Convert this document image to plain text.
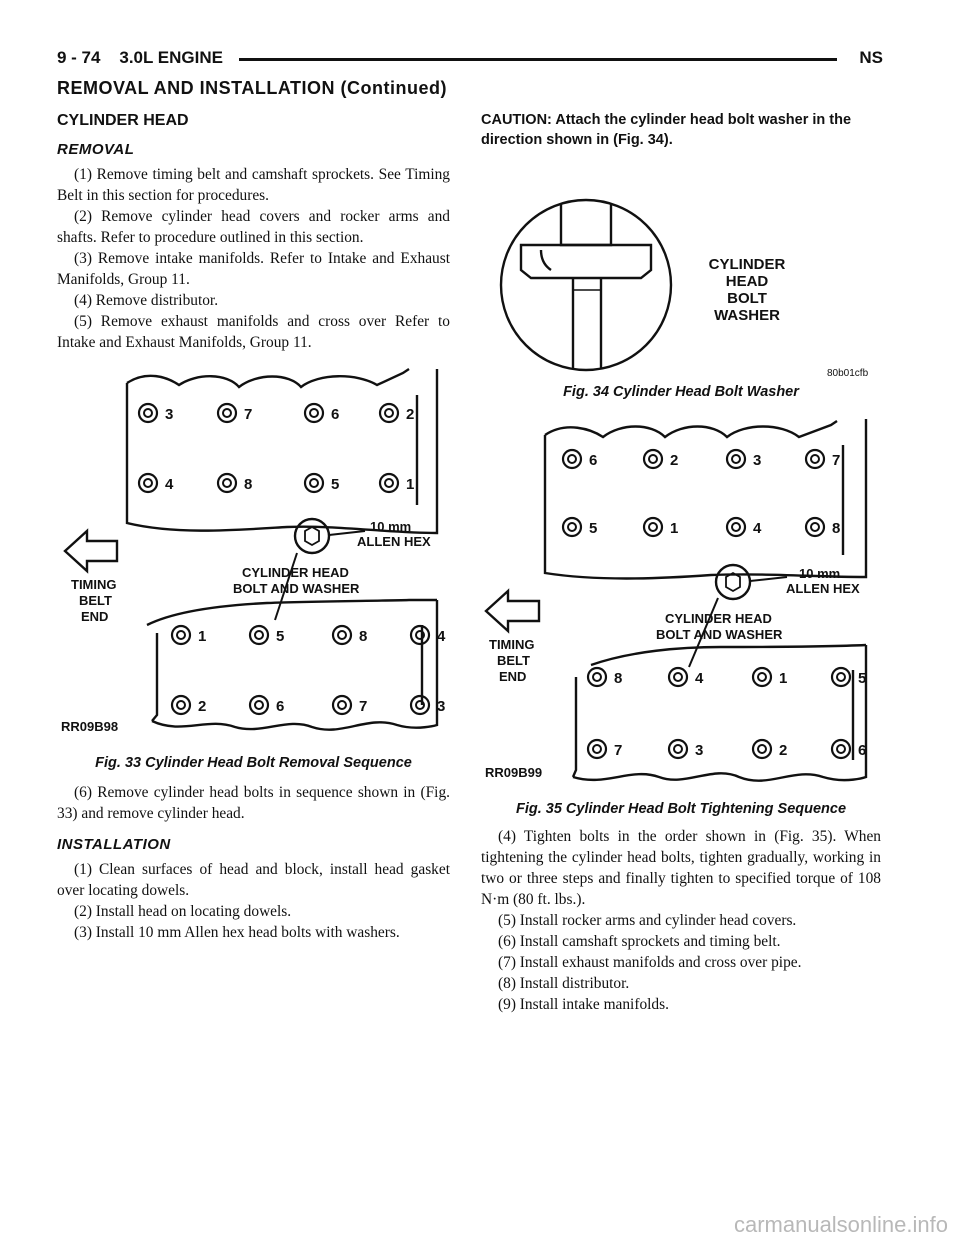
9 - 74    3.0L ENGINE	NS
REMOVAL AND INSTALLATION (Continued)
CYLINDER HEAD
REMOVAL

(1) Remove timing belt and camshaft sprockets. See Timing Belt in this section for procedures.

(2) Remove cylinder head covers and rocker arms and shafts. Refer to procedure outlined in this section.

(3) Remove intake manifolds. Refer to Intake and Exhaust Manifolds, Group 11.

(4) Remove distributor.

(5) Remove exhaust manifolds and cross over Refer to Intake and Exhaust Manifolds, Group 11.

3	7	6	2
4	8	5	1
1	5	8	4
2	6	7	3
TIMING
BELT
END
10 mm
ALLEN HEX
CYLINDER HEAD
BOLT AND WASHER
RR09B98
Fig. 33 Cylinder Head Bolt Removal Sequence

(6) Remove cylinder head bolts in sequence shown in (Fig. 33) and remove cylinder head.

INSTALLATION

(1) Clean surfaces of head and block, install head gasket over locating dowels.

(2) Install head on locating dowels.

(3) Install 10 mm Allen hex head bolts with washers.

CAUTION: Attach the cylinder head bolt washer in the direction shown in (Fig. 34).
CYLINDER
HEAD
BOLT
WASHER
80b01cfb
Fig. 34 Cylinder Head Bolt Washer
6	2	3	7
5	1	4	8
8	4	1	5
7	3	2	6
TIMING
BELT
END
10 mm
ALLEN HEX
CYLINDER HEAD
BOLT AND WASHER
RR09B99
Fig. 35 Cylinder Head Bolt Tightening Sequence

(4) Tighten bolts in the order shown in (Fig. 35). When tightening the cylinder head bolts, tighten gradually, working in two or three steps and finally tighten to specified torque of 108 N·m (80 ft. lbs.).

(5) Install rocker arms and cylinder head covers.

(6) Install camshaft sprockets and timing belt.

(7) Install exhaust manifolds and cross over pipe.

(8) Install distributor.

(9) Install intake manifolds.

carmanualsonline.info
